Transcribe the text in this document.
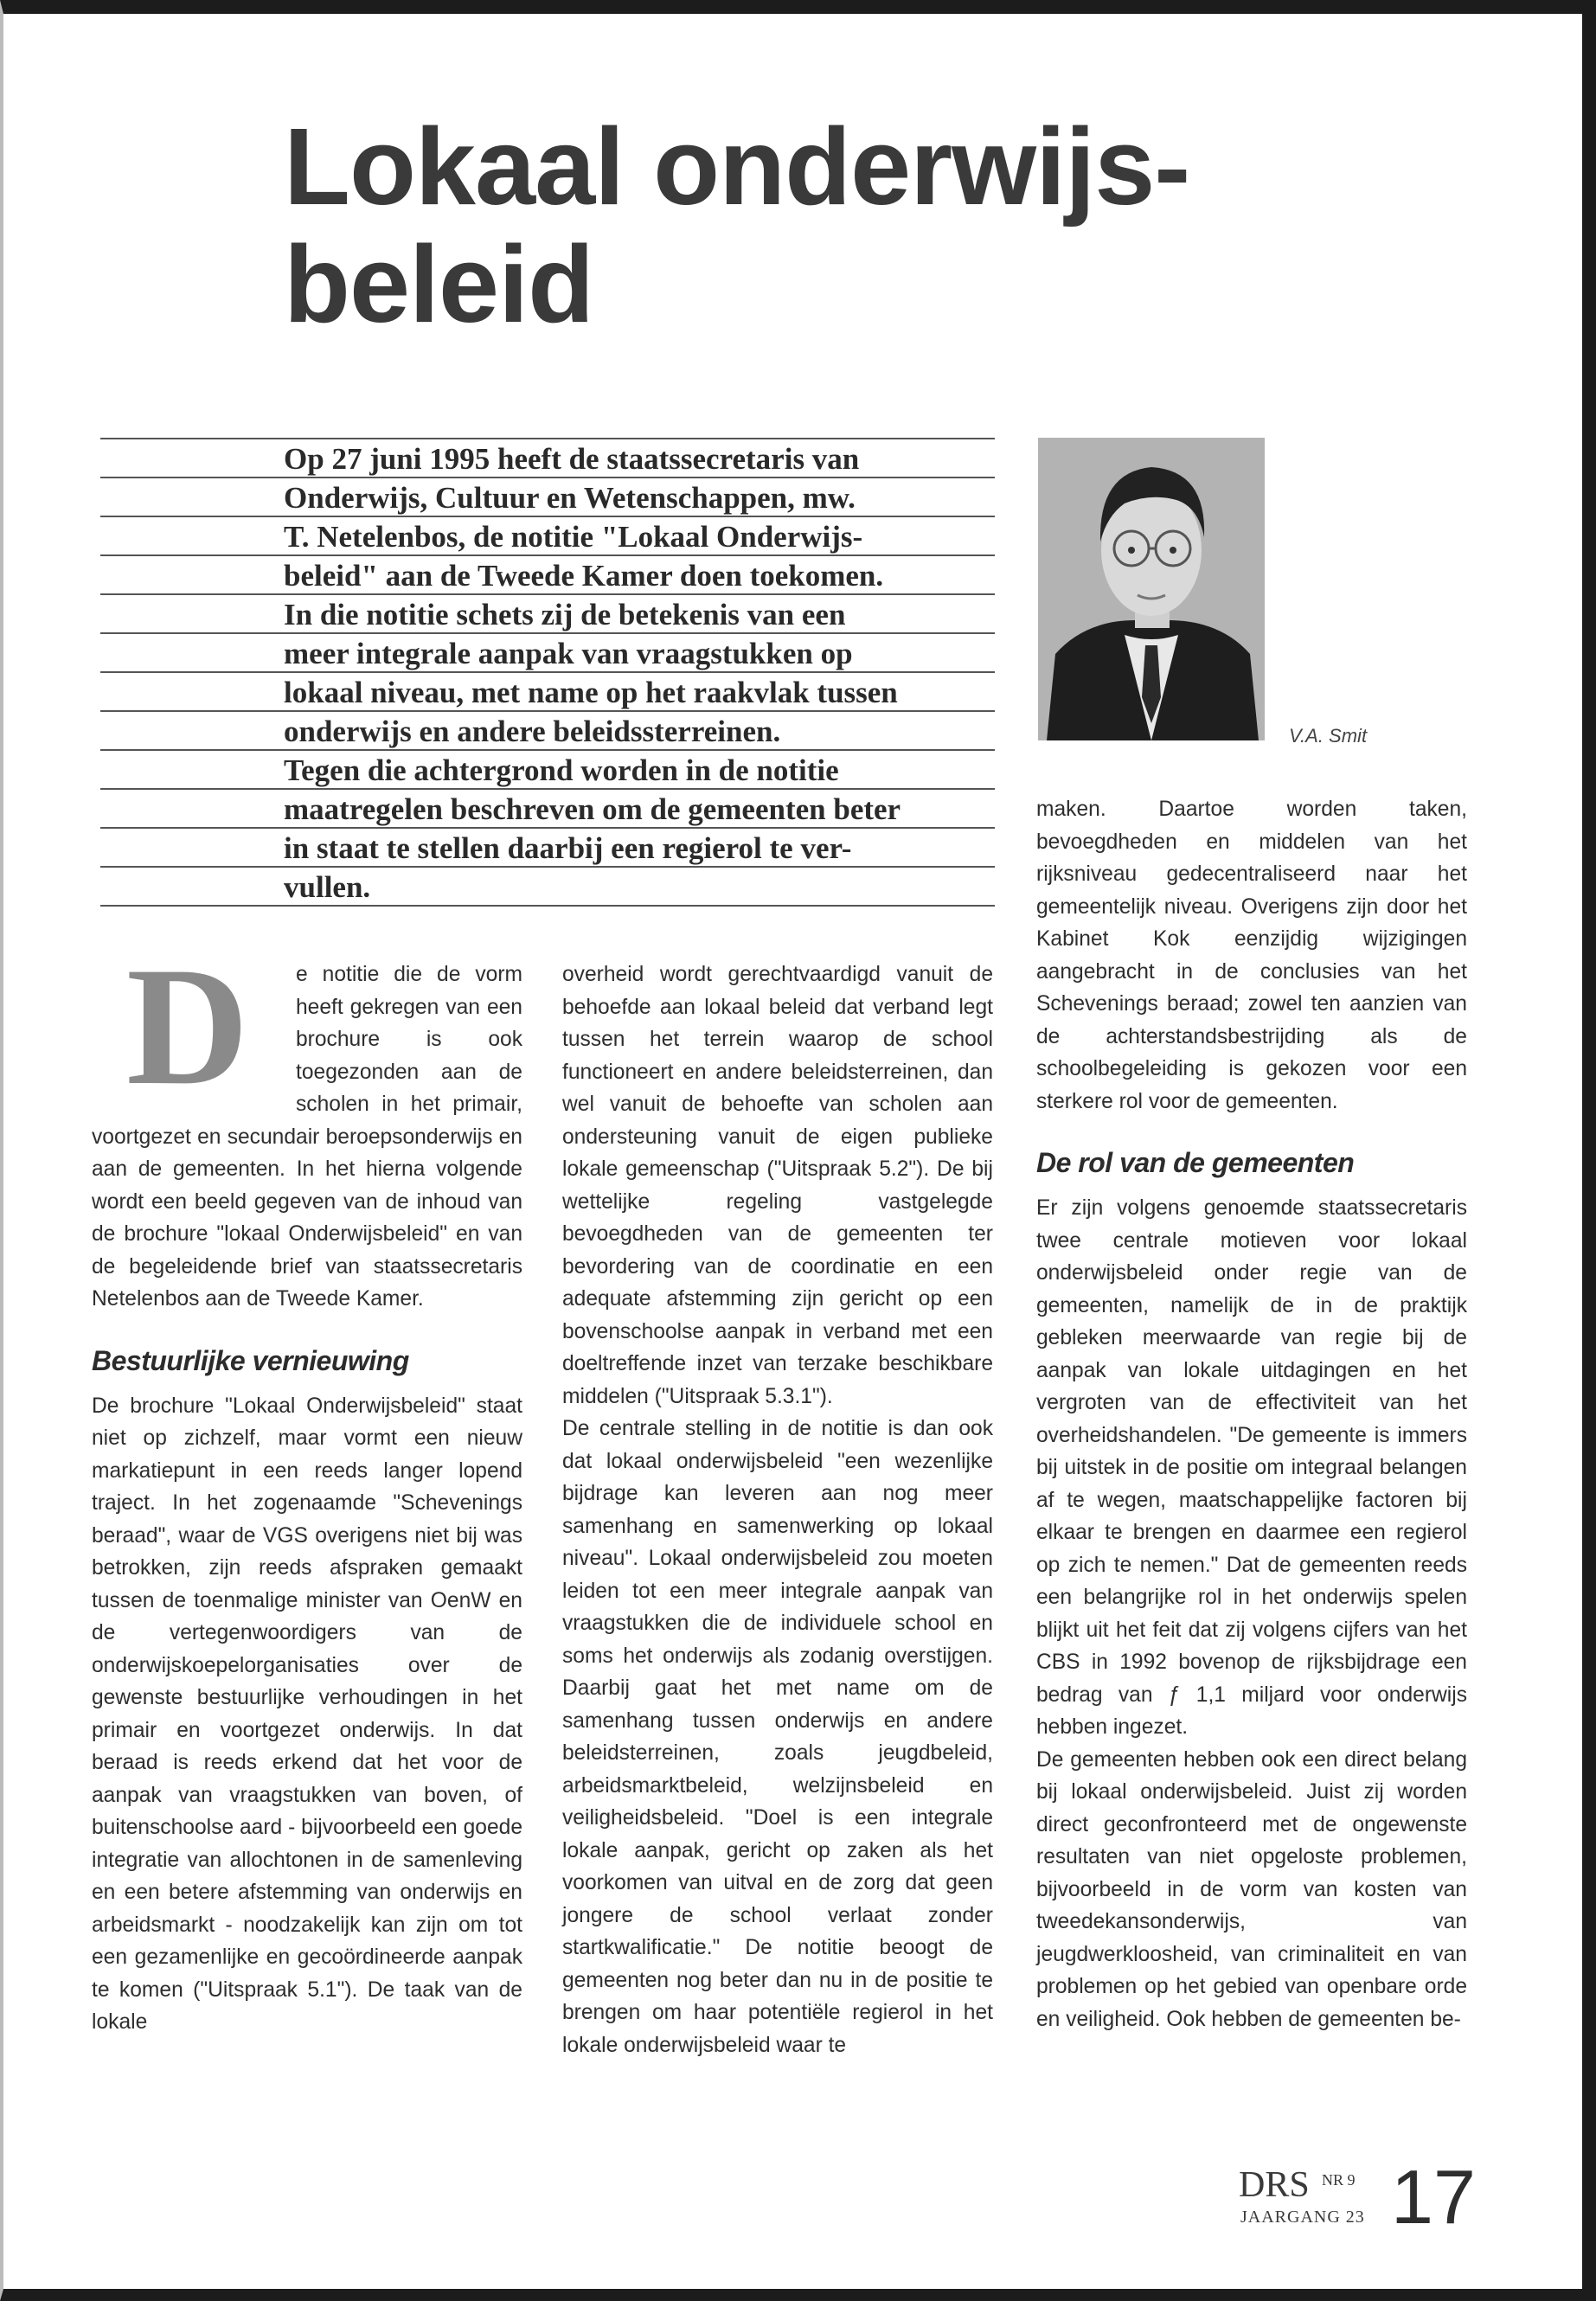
Lokaal onderwijs-
beleid
Op 27 juni 1995 heeft de staatssecretaris van
Onderwijs, Cultuur en Wetenschappen, mw.
T. Netelenbos, de notitie "Lokaal Onderwijs-
beleid" aan de Tweede Kamer doen toekomen.
In die notitie schets zij de betekenis van een
meer integrale aanpak van vraagstukken op
lokaal niveau, met name op het raakvlak tussen
onderwijs en andere beleidssterreinen.
Tegen die achtergrond worden in de notitie
maatregelen beschreven om de gemeenten beter
in staat te stellen daarbij een regierol te ver-
vullen.
V.A. Smit
D	e notitie die de vorm heeft gekregen van een brochure is ook toegezonden aan de scholen in het primair, voortgezet en secundair beroepsonderwijs en aan de gemeenten. In het hierna volgende wordt een beeld gegeven van de inhoud van de brochure "lokaal Onderwijsbeleid" en van de begeleidende brief van staatssecretaris Netelenbos aan de Tweede Kamer.

Bestuurlijke vernieuwing

De brochure "Lokaal Onderwijsbeleid" staat niet op zichzelf, maar vormt een nieuw markatiepunt in een reeds langer lopend traject. In het zogenaamde "Schevenings beraad", waar de VGS overigens niet bij was betrokken, zijn reeds afspraken gemaakt tussen de toenmalige minister van OenW en de vertegenwoordigers van de onderwijskoepelorganisaties over de gewenste bestuurlijke verhoudingen in het primair en voortgezet onderwijs. In dat beraad is reeds erkend dat het voor de aanpak van vraagstukken van boven, of buitenschoolse aard - bijvoorbeeld een goede integratie van allochtonen in de samenleving en een betere afstemming van onderwijs en arbeidsmarkt - noodzakelijk kan zijn om tot een gezamenlijke en gecoördineerde aanpak te komen ("Uitspraak 5.1"). De taak van de lokale

overheid wordt gerechtvaardigd vanuit de behoefde aan lokaal beleid dat verband legt tussen het terrein waarop de school functioneert en andere beleidsterreinen, dan wel vanuit de behoefte van scholen aan ondersteuning vanuit de eigen publieke lokale gemeenschap ("Uitspraak 5.2"). De bij wettelijke regeling vastgelegde bevoegdheden van de gemeenten ter bevordering van de coordinatie en een adequate afstemming zijn gericht op een bovenschoolse aanpak in verband met een doeltreffende inzet van terzake beschikbare middelen ("Uitspraak 5.3.1").

De centrale stelling in de notitie is dan ook dat lokaal onderwijsbeleid "een wezenlijke bijdrage kan leveren aan nog meer samenhang en samenwerking op lokaal niveau". Lokaal onderwijsbeleid zou moeten leiden tot een meer integrale aanpak van vraagstukken die de individuele school en soms het onderwijs als zodanig overstijgen. Daarbij gaat het met name om de samenhang tussen onderwijs en andere beleidsterreinen, zoals jeugdbeleid, arbeidsmarktbeleid, welzijnsbeleid en veiligheidsbeleid. "Doel is een integrale lokale aanpak, gericht op zaken als het voorkomen van uitval en de zorg dat geen jongere de school verlaat zonder startkwalificatie." De notitie beoogt de gemeenten nog beter dan nu in de positie te brengen om haar potentiële regierol in het lokale onderwijsbeleid waar te

maken. Daartoe worden taken, bevoegdheden en middelen van het rijksniveau gedecentraliseerd naar het gemeentelijk niveau. Overigens zijn door het Kabinet Kok eenzijdig wijzigingen aangebracht in de conclusies van het Schevenings beraad; zowel ten aanzien van de achterstandsbestrijding als de schoolbegeleiding is gekozen voor een sterkere rol voor de gemeenten.

De rol van de gemeenten

Er zijn volgens genoemde staatssecretaris twee centrale motieven voor lokaal onderwijsbeleid onder regie van de gemeenten, namelijk de in de praktijk gebleken meerwaarde van regie bij de aanpak van lokale uitdagingen en het vergroten van de effectiviteit van het overheidshandelen. "De gemeente is immers bij uitstek in de positie om integraal belangen af te wegen, maatschappelijke factoren bij elkaar te brengen en daarmee een regierol op zich te nemen." Dat de gemeenten reeds een belangrijke rol in het onderwijs spelen blijkt uit het feit dat zij volgens cijfers van het CBS in 1992 bovenop de rijksbijdrage een bedrag van ƒ 1,1 miljard voor onderwijs hebben ingezet.

De gemeenten hebben ook een direct belang bij lokaal onderwijsbeleid. Juist zij worden direct geconfronteerd met de ongewenste resultaten van niet opgeloste problemen, bijvoorbeeld in de vorm van kosten van tweedekansonderwijs, van jeugdwerkloosheid, van criminaliteit en van problemen op het gebied van openbare orde en veiligheid. Ook hebben de gemeenten be-

DRS NR 9
JAARGANG 23 17
